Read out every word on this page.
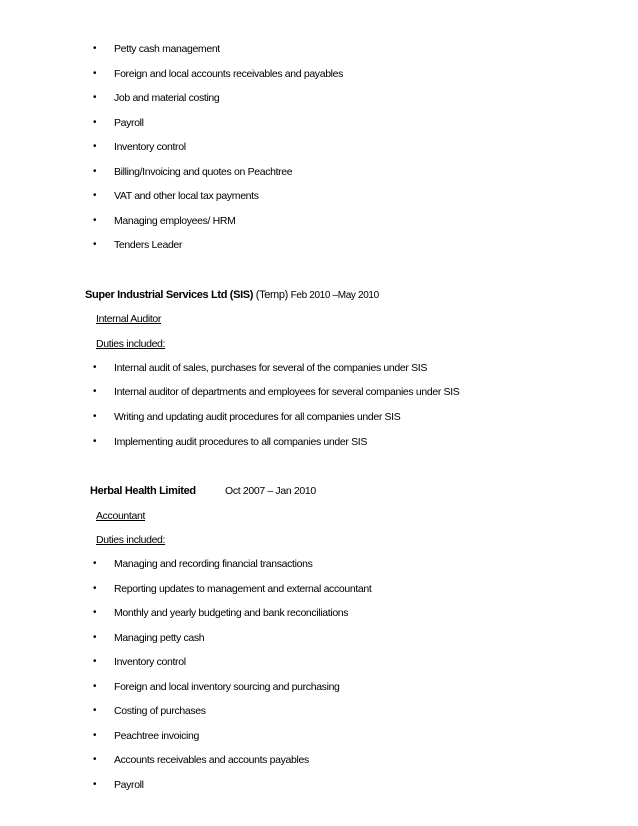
•	Petty cash management
•	Foreign and local accounts receivables and payables
•	Job and material costing
•	Payroll
•	Inventory control
•	Billing/Invoicing and quotes on Peachtree
•	VAT and other local tax payments
•	Managing employees/ HRM
•	Tenders Leader
Super Industrial Services Ltd (SIS) (Temp) Feb 2010 –May 2010
Internal Auditor
Duties included:
•	Internal audit of sales, purchases for several of the companies under SIS
•	Internal auditor of departments and employees for several companies under SIS
•	Writing and updating audit procedures for all companies under SIS
•	Implementing audit procedures to all companies under SIS
Herbal Health Limited	Oct 2007 – Jan 2010
Accountant
Duties included:
•	Managing and recording financial transactions
•	Reporting updates to management and external accountant
•	Monthly and yearly budgeting and bank reconciliations
•	Managing petty cash
•	Inventory control
•	Foreign and local inventory sourcing and purchasing
•	Costing of purchases
•	Peachtree invoicing
•	Accounts receivables and accounts payables
•	Payroll
